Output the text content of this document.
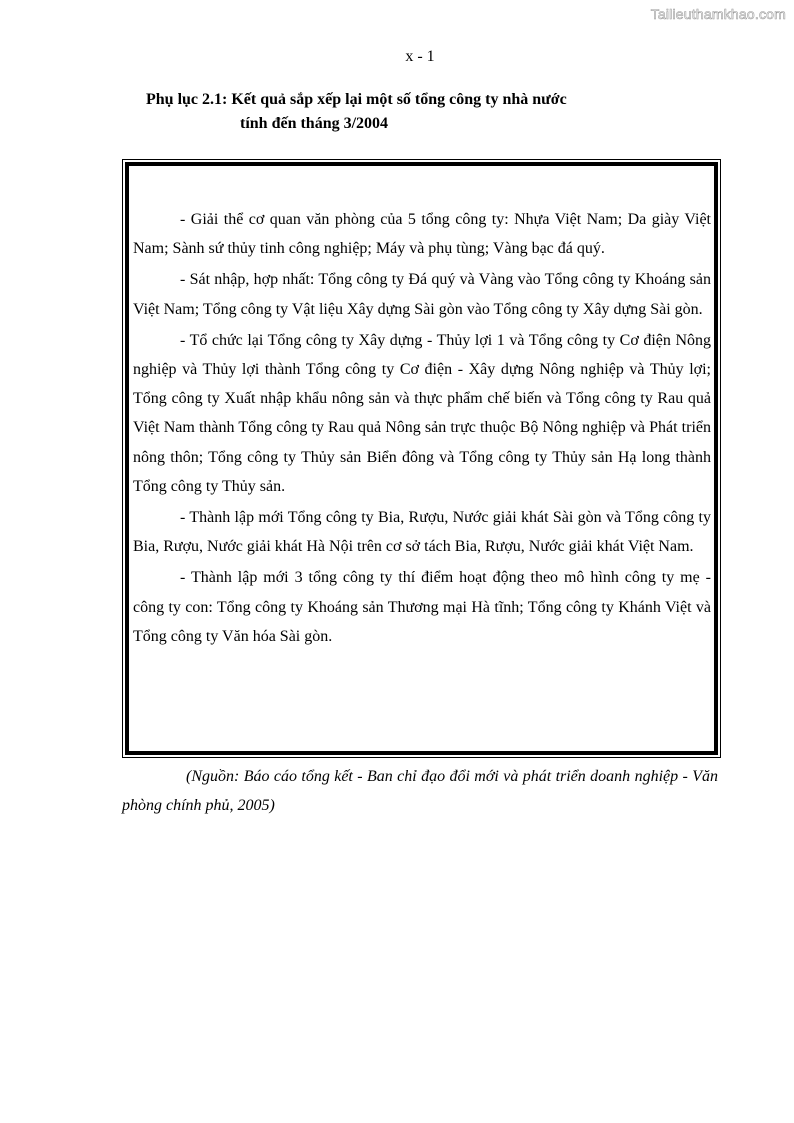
Tailieuthamkhao.com
x - 1
Phụ lục 2.1: Kết quả sắp xếp lại một số tổng công ty nhà nước
tính đến tháng 3/2004

- Giải thể cơ quan văn phòng của 5 tổng công ty: Nhựa Việt Nam; Da giày Việt Nam; Sành sứ thủy tinh công nghiệp; Máy và phụ tùng; Vàng bạc đá quý.

- Sát nhập, hợp nhất: Tổng công ty Đá quý và Vàng vào Tổng công ty Khoáng sản Việt Nam; Tổng công ty Vật liệu Xây dựng Sài gòn vào Tổng công ty Xây dựng Sài gòn.

- Tổ chức lại Tổng công ty Xây dựng - Thủy lợi 1 và Tổng công ty Cơ điện Nông nghiệp và Thủy lợi thành Tổng công ty Cơ điện - Xây dựng Nông nghiệp và Thủy lợi; Tổng công ty Xuất nhập khẩu nông sản và thực phẩm chế biến và Tổng công ty Rau quả Việt Nam thành Tổng công ty Rau quả Nông sản trực thuộc Bộ Nông nghiệp và Phát triển nông thôn; Tổng công ty Thủy sản Biển đông và Tổng công ty Thủy sản Hạ long thành Tổng công ty Thủy sản.

- Thành lập mới Tổng công ty Bia, Rượu, Nước giải khát Sài gòn và Tổng công ty Bia, Rượu, Nước giải khát Hà Nội trên cơ sở tách Bia, Rượu, Nước giải khát Việt Nam.

- Thành lập mới 3 tổng công ty thí điểm hoạt động theo mô hình công ty mẹ - công ty con: Tổng công ty Khoáng sản Thương mại Hà tĩnh; Tổng công ty Khánh Việt và Tổng công ty Văn hóa Sài gòn.

(Nguồn: Báo cáo tổng kết - Ban chỉ đạo đổi mới và phát triển doanh nghiệp - Văn phòng chính phủ, 2005)
